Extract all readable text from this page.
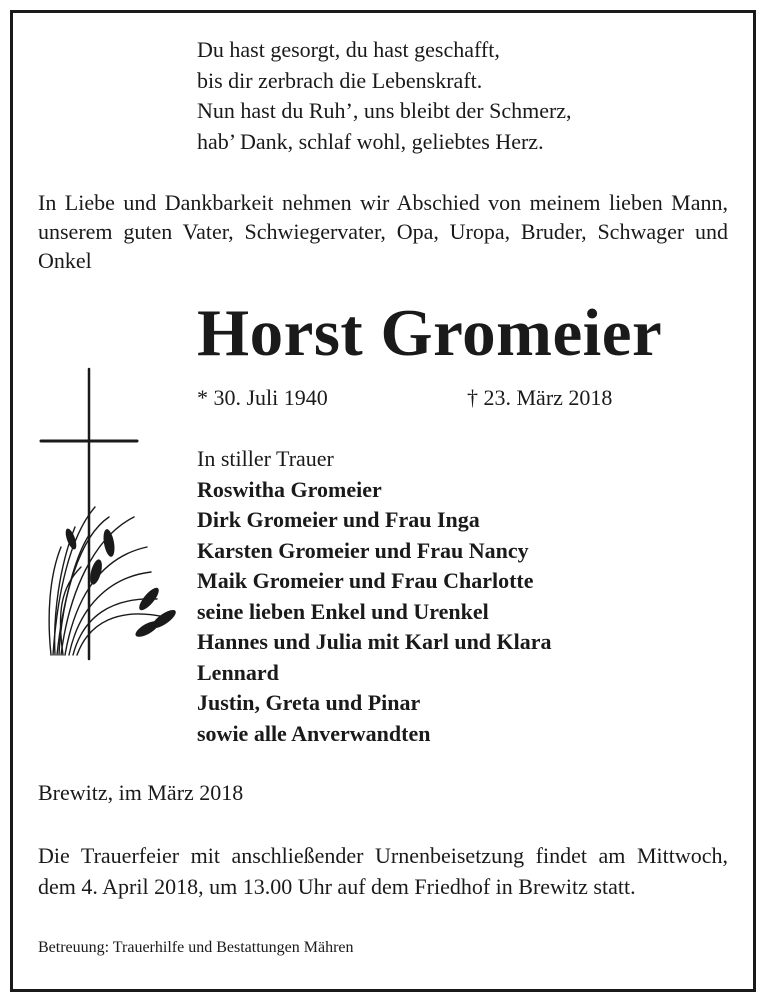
Du hast gesorgt, du hast geschafft,
bis dir zerbrach die Lebenskraft.
Nun hast du Ruh’, uns bleibt der Schmerz,
hab’ Dank, schlaf wohl, geliebtes Herz.
In Liebe und Dankbarkeit nehmen wir Abschied von meinem lieben Mann, unserem guten Vater, Schwiegervater, Opa, Uropa, Bruder, Schwager und Onkel
Horst Gromeier
* 30. Juli 1940	† 23. März 2018
In stiller Trauer
Roswitha Gromeier
Dirk Gromeier und Frau Inga
Karsten Gromeier und Frau Nancy
Maik Gromeier und Frau Charlotte
seine lieben Enkel und Urenkel
Hannes und Julia mit Karl und Klara
Lennard
Justin, Greta und Pinar
sowie alle Anverwandten
Brewitz, im März 2018
Die Trauerfeier mit anschließender Urnenbeisetzung findet am Mittwoch, dem 4. April 2018, um 13.00 Uhr auf dem Friedhof in Brewitz statt.
Betreuung: Trauerhilfe und Bestattungen Mähren
